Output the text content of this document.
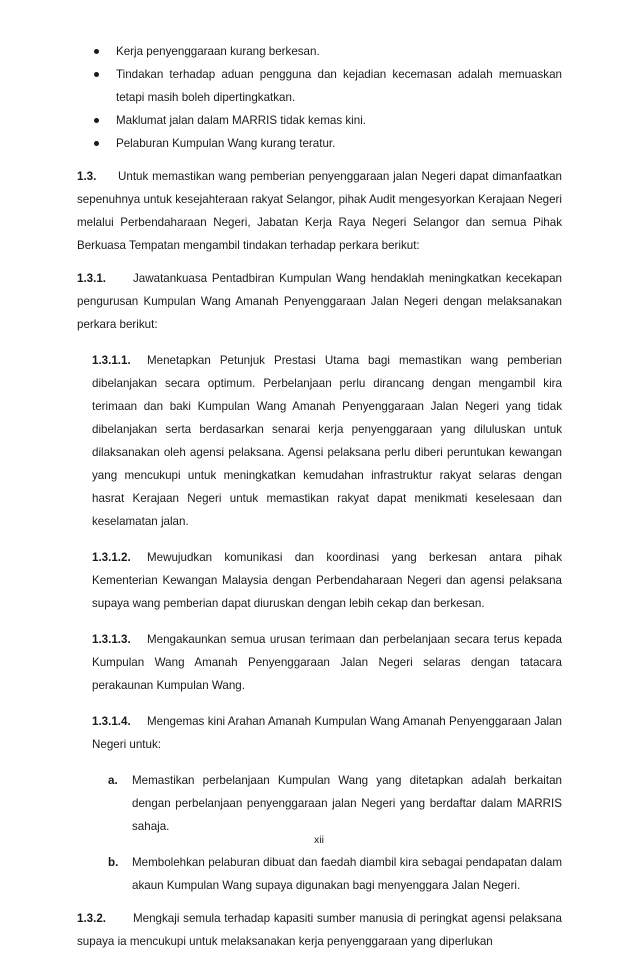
Kerja penyenggaraan kurang berkesan.
Tindakan terhadap aduan pengguna dan kejadian kecemasan adalah memuaskan tetapi masih boleh dipertingkatkan.
Maklumat jalan dalam MARRIS tidak kemas kini.
Pelaburan Kumpulan Wang kurang teratur.

1.3. Untuk memastikan wang pemberian penyenggaraan jalan Negeri dapat dimanfaatkan sepenuhnya untuk kesejahteraan rakyat Selangor, pihak Audit mengesyorkan Kerajaan Negeri melalui Perbendaharaan Negeri, Jabatan Kerja Raya Negeri Selangor dan semua Pihak Berkuasa Tempatan mengambil tindakan terhadap perkara berikut:

1.3.1. Jawatankuasa Pentadbiran Kumpulan Wang hendaklah meningkatkan kecekapan pengurusan Kumpulan Wang Amanah Penyenggaraan Jalan Negeri dengan melaksanakan perkara berikut:

1.3.1.1. Menetapkan Petunjuk Prestasi Utama bagi memastikan wang pemberian dibelanjakan secara optimum. Perbelanjaan perlu dirancang dengan mengambil kira terimaan dan baki Kumpulan Wang Amanah Penyenggaraan Jalan Negeri yang tidak dibelanjakan serta berdasarkan senarai kerja penyenggaraan yang diluluskan untuk dilaksanakan oleh agensi pelaksana. Agensi pelaksana perlu diberi peruntukan kewangan yang mencukupi untuk meningkatkan kemudahan infrastruktur rakyat selaras dengan hasrat Kerajaan Negeri untuk memastikan rakyat dapat menikmati keselesaan dan keselamatan jalan.

1.3.1.2. Mewujudkan komunikasi dan koordinasi yang berkesan antara pihak Kementerian Kewangan Malaysia dengan Perbendaharaan Negeri dan agensi pelaksana supaya wang pemberian dapat diuruskan dengan lebih cekap dan berkesan.

1.3.1.3. Mengakaunkan semua urusan terimaan dan perbelanjaan secara terus kepada Kumpulan Wang Amanah Penyenggaraan Jalan Negeri selaras dengan tatacara perakaunan Kumpulan Wang.

1.3.1.4. Mengemas kini Arahan Amanah Kumpulan Wang Amanah Penyenggaraan Jalan Negeri untuk:

a. Memastikan perbelanjaan Kumpulan Wang yang ditetapkan adalah berkaitan dengan perbelanjaan penyenggaraan jalan Negeri yang berdaftar dalam MARRIS sahaja.

b. Membolehkan pelaburan dibuat dan faedah diambil kira sebagai pendapatan dalam akaun Kumpulan Wang supaya digunakan bagi menyenggara Jalan Negeri.

1.3.2. Mengkaji semula terhadap kapasiti sumber manusia di peringkat agensi pelaksana supaya ia mencukupi untuk melaksanakan kerja penyenggaraan yang diperlukan

xii
